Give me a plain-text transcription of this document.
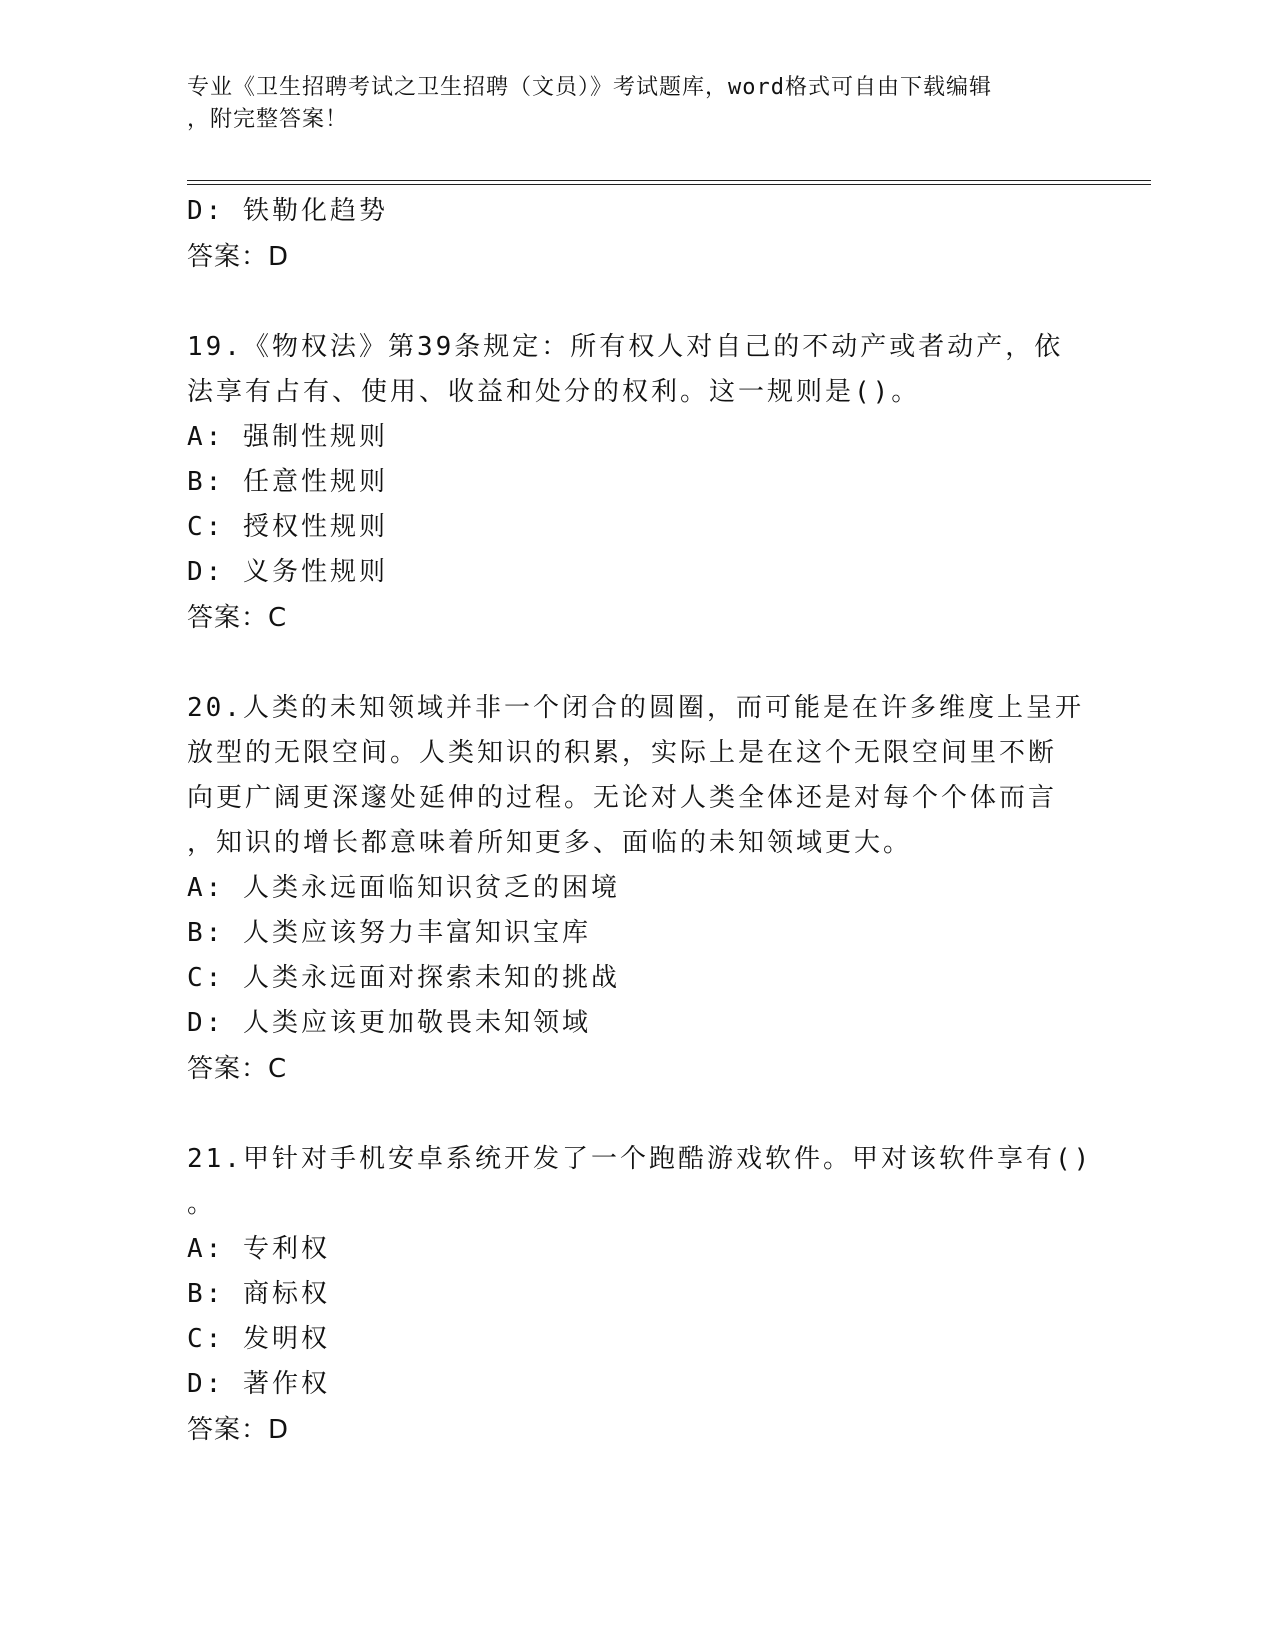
专业《卫生招聘考试之卫生招聘（文员）》考试题库，word格式可自由下载编辑
，附完整答案！
D: 铁勒化趋势
答案：D
19.《物权法》第39条规定：所有权人对自己的不动产或者动产，依
法享有占有、使用、收益和处分的权利。这一规则是()。
A: 强制性规则
B: 任意性规则
C: 授权性规则
D: 义务性规则
答案：C
20.人类的未知领域并非一个闭合的圆圈，而可能是在许多维度上呈开
放型的无限空间。人类知识的积累，实际上是在这个无限空间里不断
向更广阔更深邃处延伸的过程。无论对人类全体还是对每个个体而言
，知识的增长都意味着所知更多、面临的未知领域更大。
A: 人类永远面临知识贫乏的困境
B: 人类应该努力丰富知识宝库
C: 人类永远面对探索未知的挑战
D: 人类应该更加敬畏未知领域
答案：C
21.甲针对手机安卓系统开发了一个跑酷游戏软件。甲对该软件享有()
。
A: 专利权
B: 商标权
C: 发明权
D: 著作权
答案：D
